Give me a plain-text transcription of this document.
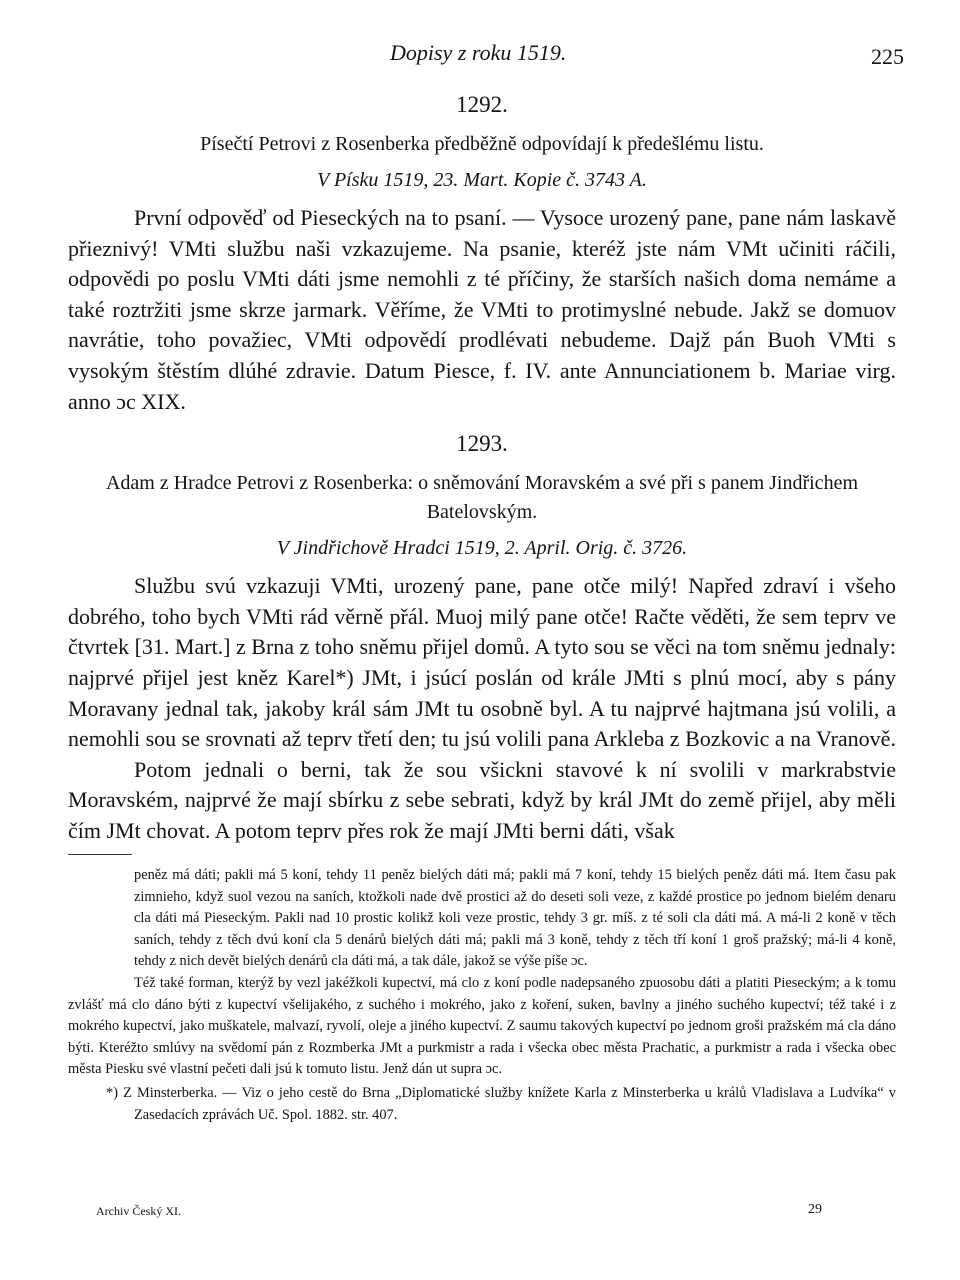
Dopisy z roku 1519.	225
1292.

Písečtí Petrovi z Rosenberka předběžně odpovídají k předešlému listu.

V Písku 1519, 23. Mart. Kopie č. 3743 A.

První odpověď od Pieseckých na to psaní. — Vysoce urozený pane, pane nám laskavě přieznivý! VMti službu naši vzkazujeme. Na psanie, kteréž jste nám VMt učiniti ráčili, odpovědi po poslu VMti dáti jsme nemohli z té příčiny, že starších našich doma nemáme a také roztržiti jsme skrze jarmark. Věříme, že VMti to protimyslné nebude. Jakž se domuov navrátie, toho považiec, VMti odpovědí prodlévati nebudeme. Dajž pán Buoh VMti s vysokým štěstím dlúhé zdravie. Datum Piesce, f. IV. ante Annunciationem b. Mariae virg. anno ɔc XIX.

1293.

Adam z Hradce Petrovi z Rosenberka: o sněmování Moravském a své při s panem Jindřichem Batelovským.

V Jindřichově Hradci 1519, 2. April. Orig. č. 3726.

Službu svú vzkazuji VMti, urozený pane, pane otče milý! Napřed zdraví i všeho dobrého, toho bych VMti rád věrně přál. Muoj milý pane otče! Račte věděti, že sem teprv ve čtvrtek [31. Mart.] z Brna z toho sněmu přijel domů. A tyto sou se věci na tom sněmu jednaly: najprvé přijel jest kněz Karel*) JMt, i jsúcí poslán od krále JMti s plnú mocí, aby s pány Moravany jednal tak, jakoby král sám JMt tu osobně byl. A tu najprvé hajtmana jsú volili, a nemohli sou se srovnati až teprv třetí den; tu jsú volili pana Arkleba z Bozkovic a na Vranově.

Potom jednali o berni, tak že sou všickni stavové k ní svolili v markrabstvie Moravském, najprvé že mají sbírku z sebe sebrati, když by král JMt do země přijel, aby měli čím JMt chovat. A potom teprv přes rok že mají JMti berni dáti, však

peněz má dáti; pakli má 5 koní, tehdy 11 peněz bielých dáti má; pakli má 7 koní, tehdy 15 bielých peněz dáti má. Item času pak zimnieho, když suol vezou na saních, ktožkoli nade dvě prostici až do deseti soli veze, z každé prostice po jednom bielém denaru cla dáti má Pieseckým. Pakli nad 10 prostic kolikž koli veze prostic, tehdy 3 gr. míš. z té soli cla dáti má. A má-li 2 koně v těch saních, tehdy z těch dvú koní cla 5 denárů bielých dáti má; pakli má 3 koně, tehdy z těch tří koní 1 groš pražský; má-li 4 koně, tehdy z nich devět bielých denárů cla dáti má, a tak dále, jakož se výše píše ɔc.

Též také forman, kterýž by vezl jakéžkoli kupectví, má clo z koní podle nadepsaného zpuosobu dáti a platiti Pieseckým; a k tomu zvlášť má clo dáno býti z kupectví všelijakého, z suchého i mokrého, jako z koření, suken, bavlny a jiného suchého kupectví; též také i z mokrého kupectví, jako muškatele, malvazí, ryvolí, oleje a jiného kupectví. Z saumu takových kupectví po jednom groši pražském má cla dáno býti. Kteréžto smlúvy na svědomí pán z Rozmberka JMt a purkmistr a rada i všecka obec města Prachatic, a purkmistr a rada i všecka obec města Piesku své vlastní pečeti dali jsú k tomuto listu. Jenž dán ut supra ɔc.

*) Z Minsterberka. — Viz o jeho cestě do Brna „Diplomatické služby knížete Karla z Minsterberka u králů Vladislava a Ludvíka“ v Zasedacích zprávách Uč. Spol. 1882. str. 407.

Archiv Český XI.	29
